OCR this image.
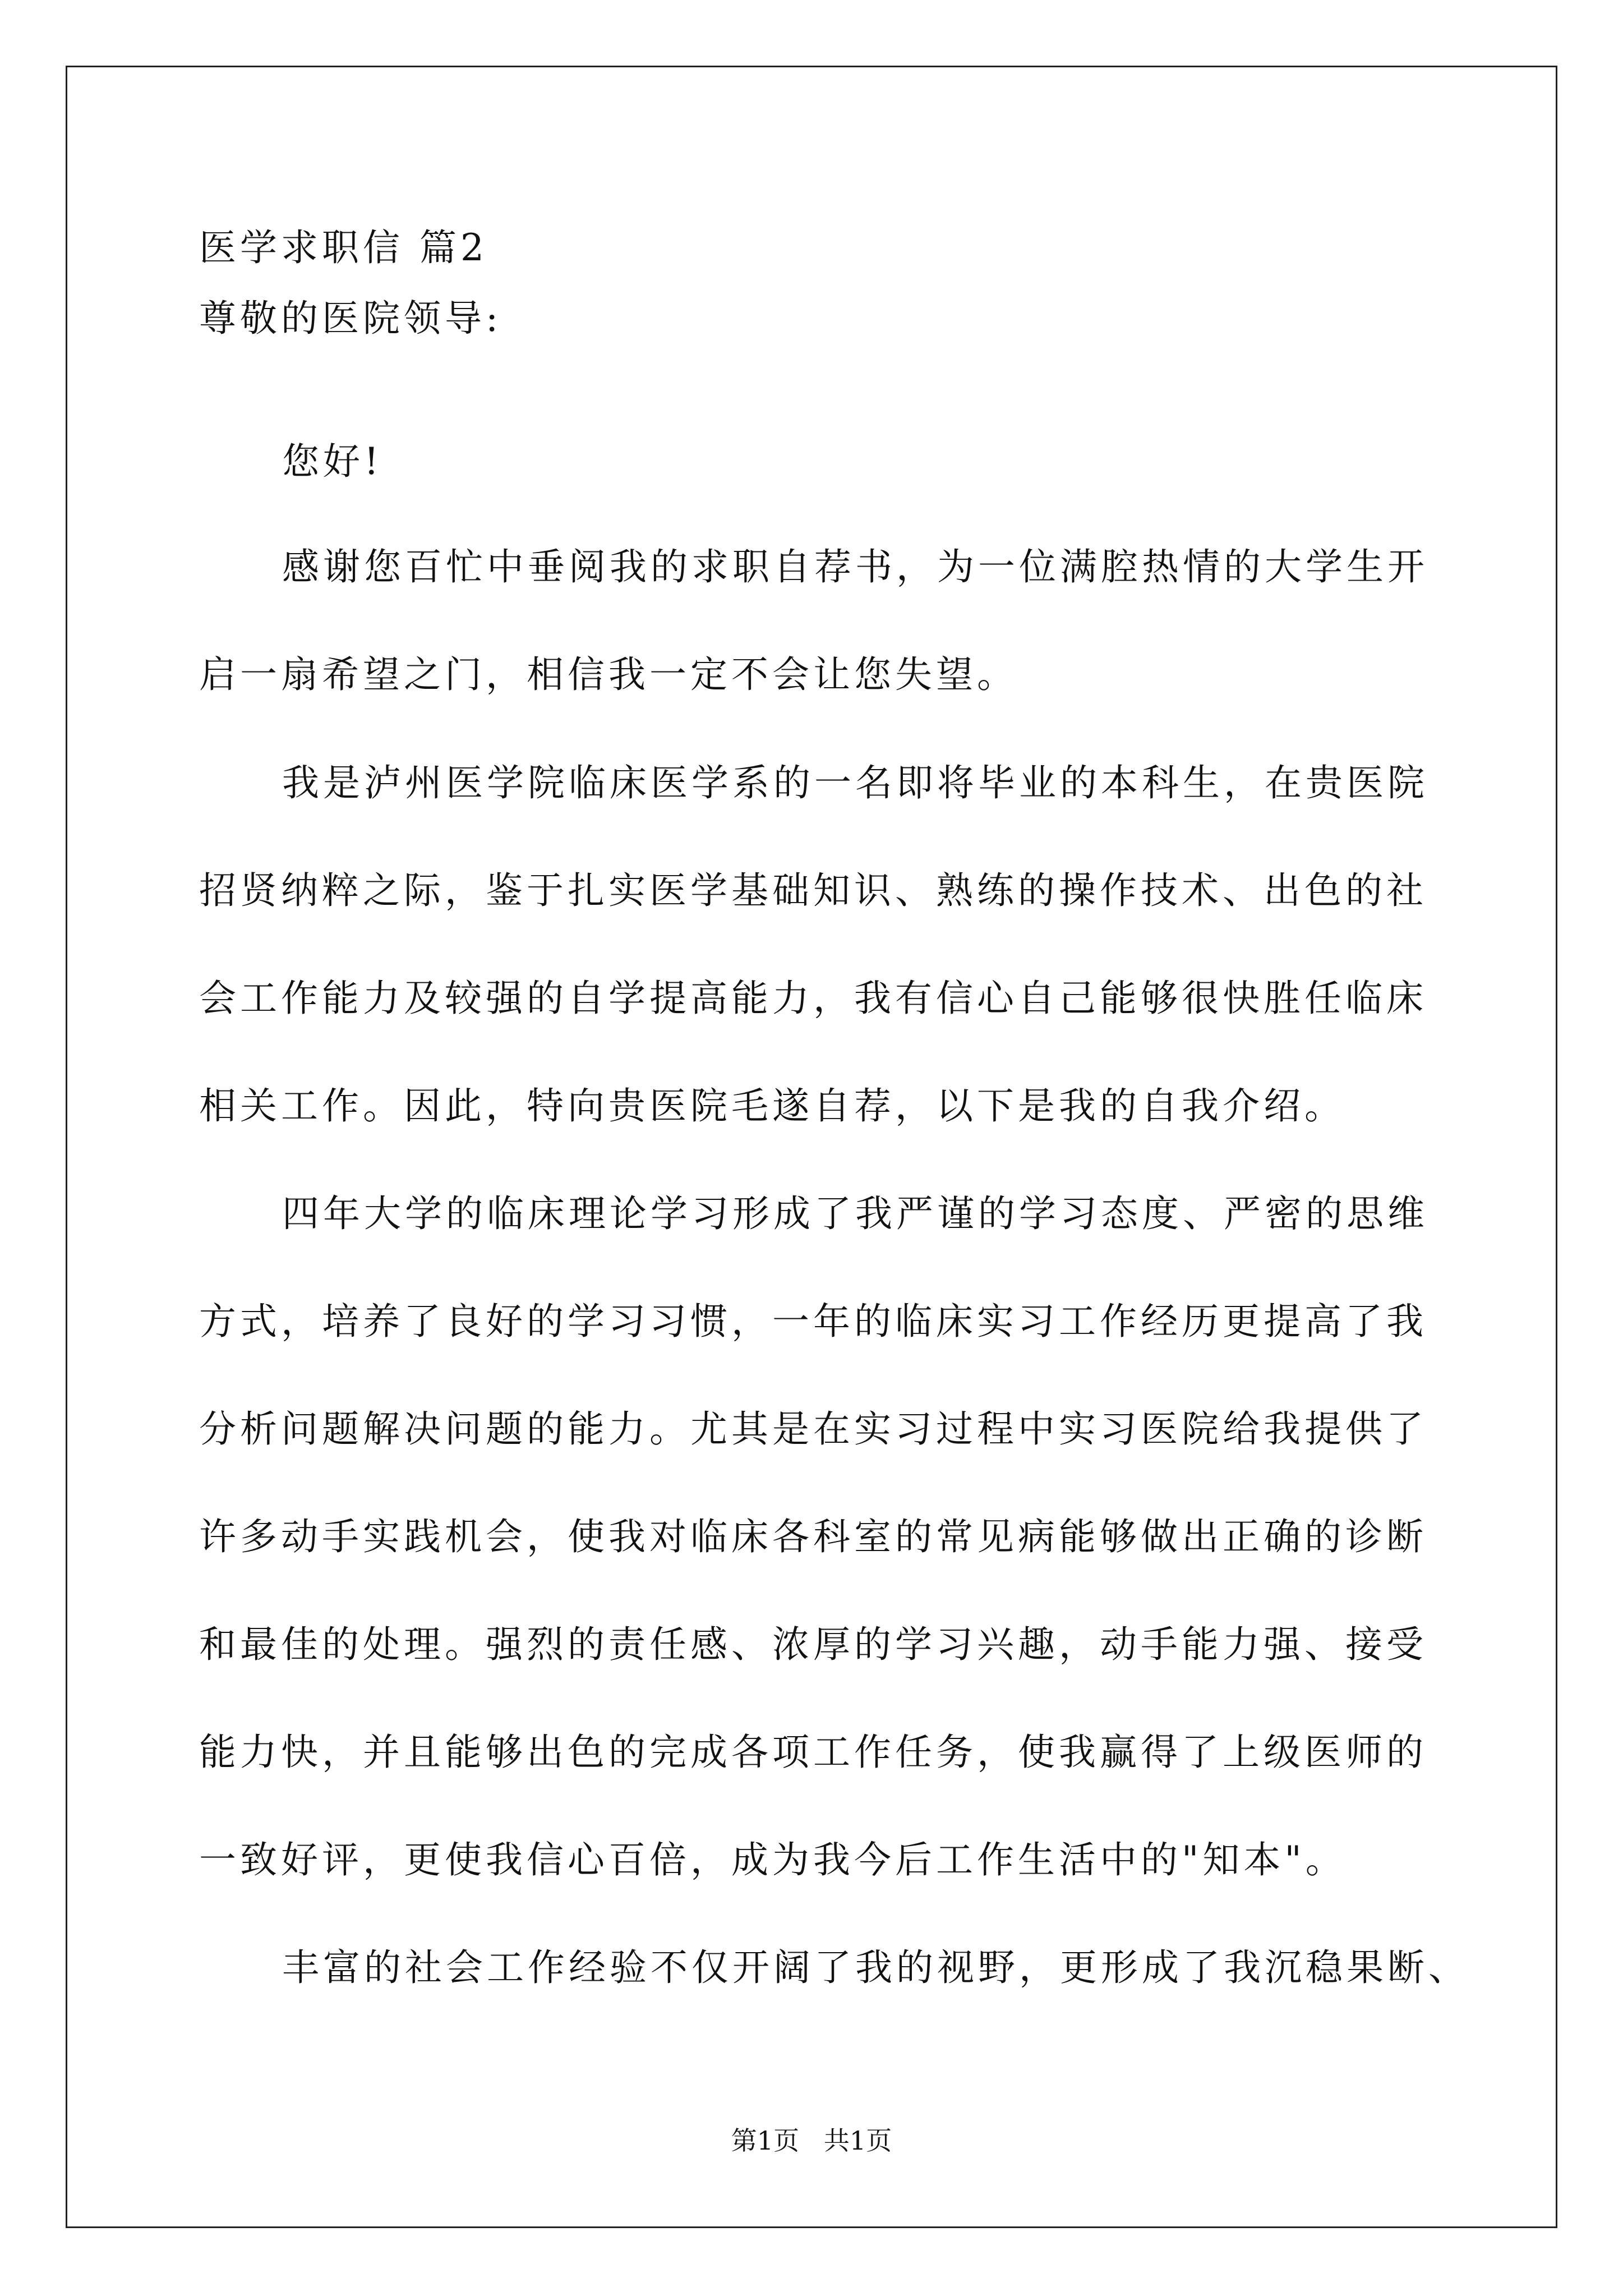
医学求职信 篇2
尊敬的医院领导:
您好!
感谢您百忙中垂阅我的求职自荐书，为一位满腔热情的大学生开
启一扇希望之门，相信我一定不会让您失望。
我是泸州医学院临床医学系的一名即将毕业的本科生，在贵医院
招贤纳粹之际，鉴于扎实医学基础知识、熟练的操作技术、出色的社
会工作能力及较强的自学提高能力，我有信心自己能够很快胜任临床
相关工作。因此，特向贵医院毛遂自荐，以下是我的自我介绍。
四年大学的临床理论学习形成了我严谨的学习态度、严密的思维
方式，培养了良好的学习习惯，一年的临床实习工作经历更提高了我
分析问题解决问题的能力。尤其是在实习过程中实习医院给我提供了
许多动手实践机会，使我对临床各科室的常见病能够做出正确的诊断
和最佳的处理。强烈的责任感、浓厚的学习兴趣，动手能力强、接受
能力快，并且能够出色的完成各项工作任务，使我赢得了上级医师的
一致好评，更使我信心百倍，成为我今后工作生活中的"知本"。
丰富的社会工作经验不仅开阔了我的视野，更形成了我沉稳果断、
第1页   共1页
